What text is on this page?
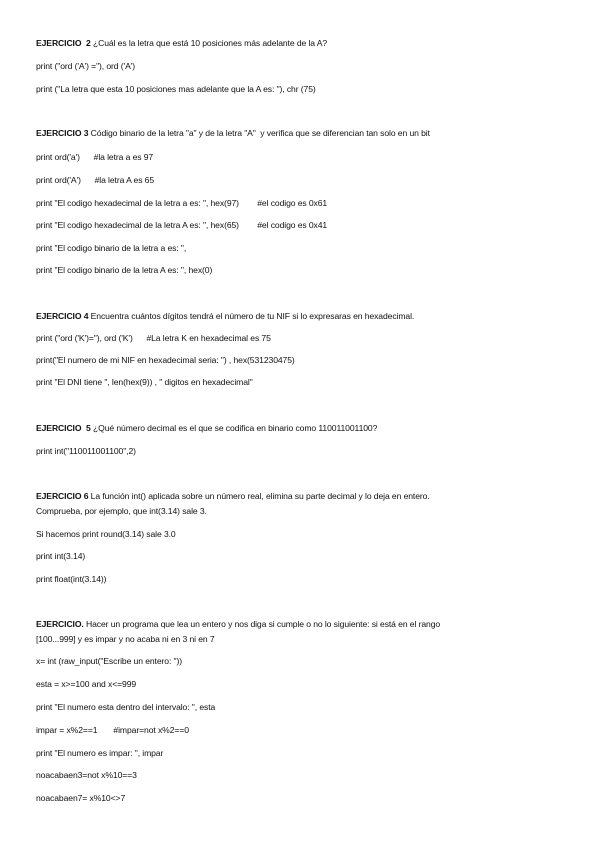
EJERCICIO  2 ¿Cuál es la letra que está 10 posiciones más adelante de la A?
print ("ord ('A') ="), ord ('A')
print ("La letra que esta 10 posiciones mas adelante que la A es: "), chr (75)
EJERCICIO 3 Código binario de la letra "a" y de la letra "A"  y verifica que se diferencian tan solo en un bit
print ord('a')      #la letra a es 97
print ord('A')      #la letra A es 65
print "El codigo hexadecimal de la letra a es: ", hex(97)        #el codigo es 0x61
print "El codigo hexadecimal de la letra A es: ", hex(65)        #el codigo es 0x41
print "El codigo binario de la letra a es: ",
print "El codigo binario de la letra A es: ", hex(0)
EJERCICIO 4 Encuentra cuántos dígitos tendrá el número de tu NIF si lo expresaras en hexadecimal.
print ("ord ('K')="), ord ('K')      #La letra K en hexadecimal es 75
print("El numero de mi NIF en hexadecimal seria: ") , hex(531230475)
print "El DNI tiene ", len(hex(9)) , " digitos en hexadecimal"
EJERCICIO  5 ¿Qué número decimal es el que se codifica en binario como 110011001100?
print int("110011001100",2)
EJERCICIO 6 La función int() aplicada sobre un número real, elimina su parte decimal y lo deja en entero.
Comprueba, por ejemplo, que int(3.14) sale 3.
Si hacemos print round(3.14) sale 3.0
print int(3.14)
print float(int(3.14))
EJERCICIO. Hacer un programa que lea un entero y nos diga si cumple o no lo siguiente: si está en el rango
[100...999] y es impar y no acaba ni en 3 ni en 7
x= int (raw_input("Escribe un entero: "))
esta = x>=100 and x<=999
print "El numero esta dentro del intervalo: ", esta
impar = x%2==1       #impar=not x%2==0
print "El numero es impar: ", impar
noacabaen3=not x%10==3
noacabaen7= x%10<>7
